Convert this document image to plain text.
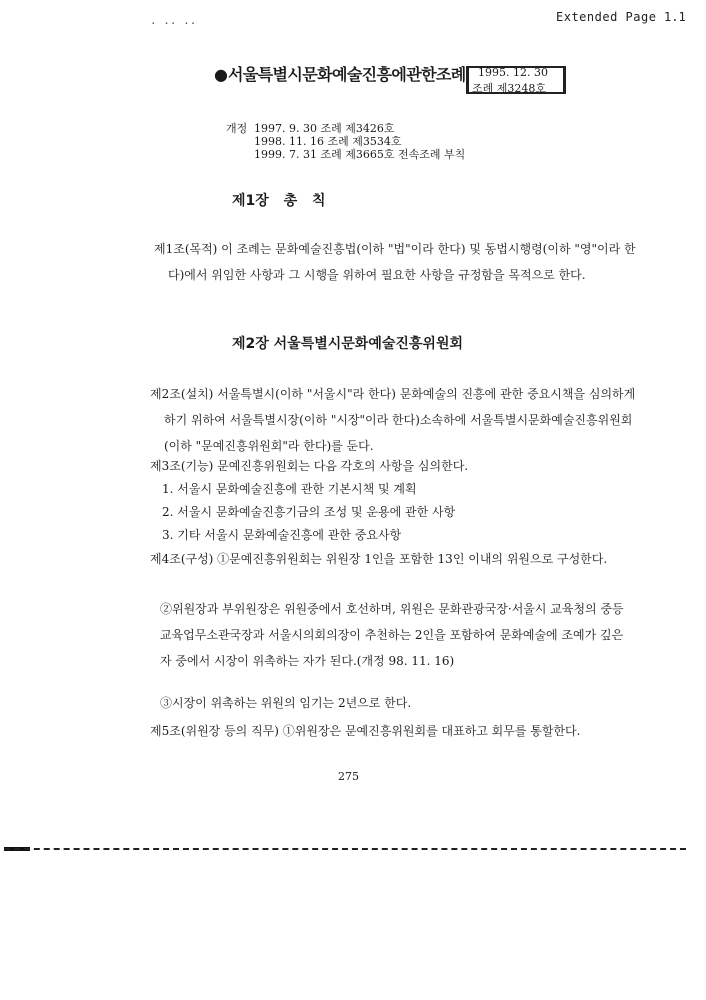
. .. ..	Extended Page 1.1
●서울특별시문화예술진흥에관한조례 1995. 12. 30
조례 제3248호
개정 1997. 9. 30 조례 제3426호
1998. 11. 16 조례 제3534호
1999. 7. 31 조례 제3665호 전속조례 부칙
제1장 총 칙
제1조(목적) 이 조례는 문화예술진흥법(이하 "법"이라 한다) 및 동법시행령(이하 "영"이라 한다)에서 위임한 사항과 그 시행을 위하여 필요한 사항을 규정함을 목적으로 한다.
제2장 서울특별시문화예술진흥위원회
제2조(설치) 서울특별시(이하 "서울시"라 한다) 문화예술의 진흥에 관한 중요시책을 심의하게 하기 위하여 서울특별시장(이하 "시장"이라 한다)소속하에 서울특별시문화예술진흥위원회 (이하 "문예진흥위원회"라 한다)를 둔다.
제3조(기능) 문예진흥위원회는 다음 각호의 사항을 심의한다.
1. 서울시 문화예술진흥에 관한 기본시책 및 계획
2. 서울시 문화예술진흥기금의 조성 및 운용에 관한 사항
3. 기타 서울시 문화예술진흥에 관한 중요사항
제4조(구성) ①문예진흥위원회는 위원장 1인을 포함한 13인 이내의 위원으로 구성한다.
②위원장과 부위원장은 위원중에서 호선하며, 위원은 문화관광국장·서울시 교육청의 중등교육업무소관국장과 서울시의회의장이 추천하는 2인을 포함하여 문화예술에 조예가 깊은 자 중에서 시장이 위촉하는 자가 된다.(개정 98. 11. 16)
③시장이 위촉하는 위원의 임기는 2년으로 한다.
제5조(위원장 등의 직무) ①위원장은 문예진흥위원회를 대표하고 회무를 통할한다.
275
